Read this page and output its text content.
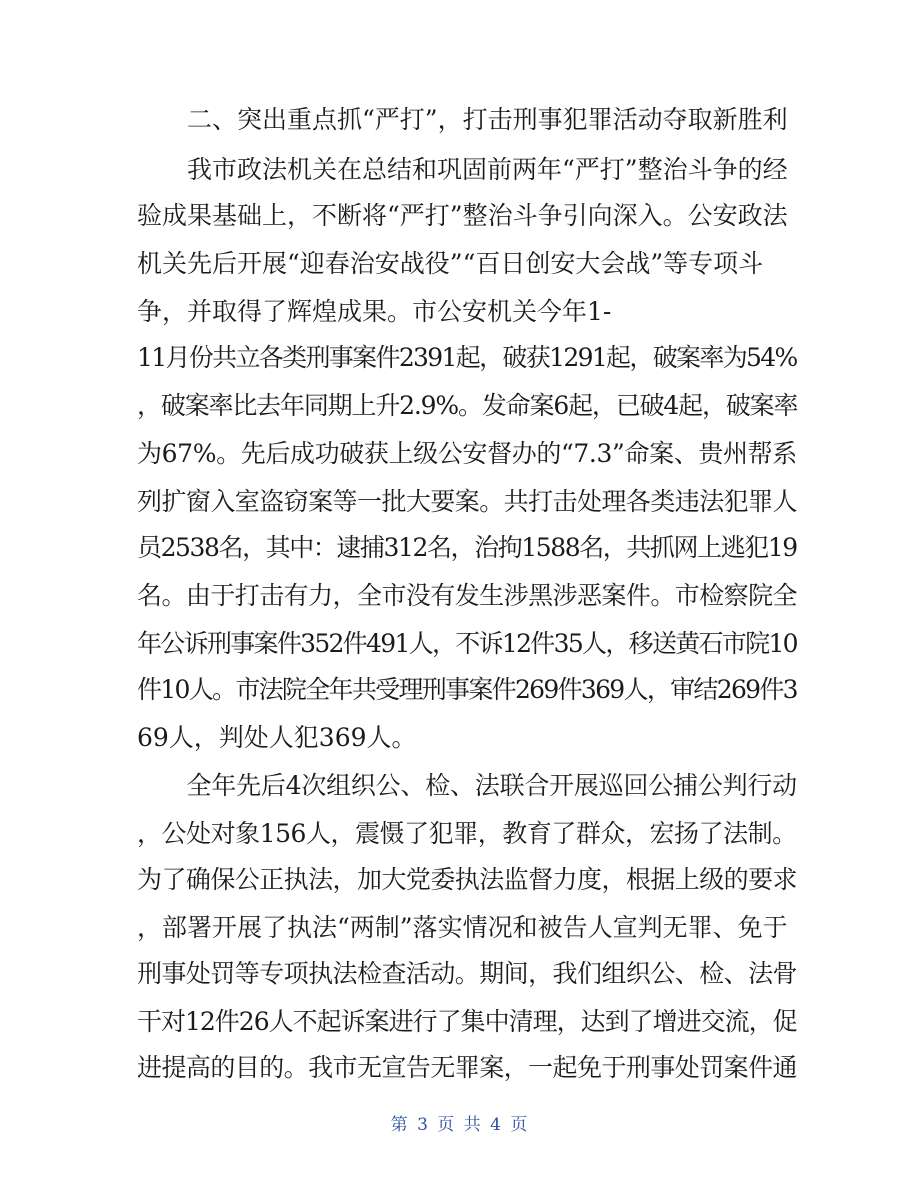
　　二、突出重点抓“严打”，打击刑事犯罪活动夺取新胜利
　　我市政法机关在总结和巩固前两年“严打”整治斗争的经
验成果基础上，不断将“严打”整治斗争引向深入。公安政法
机关先后开展“迎春治安战役”“百日创安大会战”等专项斗
争，并取得了辉煌成果。市公安机关今年1-
11月份共立各类刑事案件2391起，破获1291起，破案率为54%
，破案率比去年同期上升2.9%。发命案6起，已破4起，破案率
为67%。先后成功破获上级公安督办的“7.3”命案、贵州帮系
列扩窗入室盗窃案等一批大要案。共打击处理各类违法犯罪人
员2538名，其中：逮捕312名，治拘1588名，共抓网上逃犯19
名。由于打击有力，全市没有发生涉黑涉恶案件。市检察院全
年公诉刑事案件352件491人，不诉12件35人，移送黄石市院10
件10人。市法院全年共受理刑事案件269件369人，审结269件3
69人，判处人犯369人。
　　全年先后4次组织公、检、法联合开展巡回公捕公判行动
，公处对象156人，震慑了犯罪，教育了群众，宏扬了法制。
为了确保公正执法，加大党委执法监督力度，根据上级的要求
，部署开展了执法“两制”落实情况和被告人宣判无罪、免于
刑事处罚等专项执法检查活动。期间，我们组织公、检、法骨
干对12件26人不起诉案进行了集中清理，达到了增进交流，促
进提高的目的。我市无宣告无罪案，一起免于刑事处罚案件通
第 3 页 共 4 页
